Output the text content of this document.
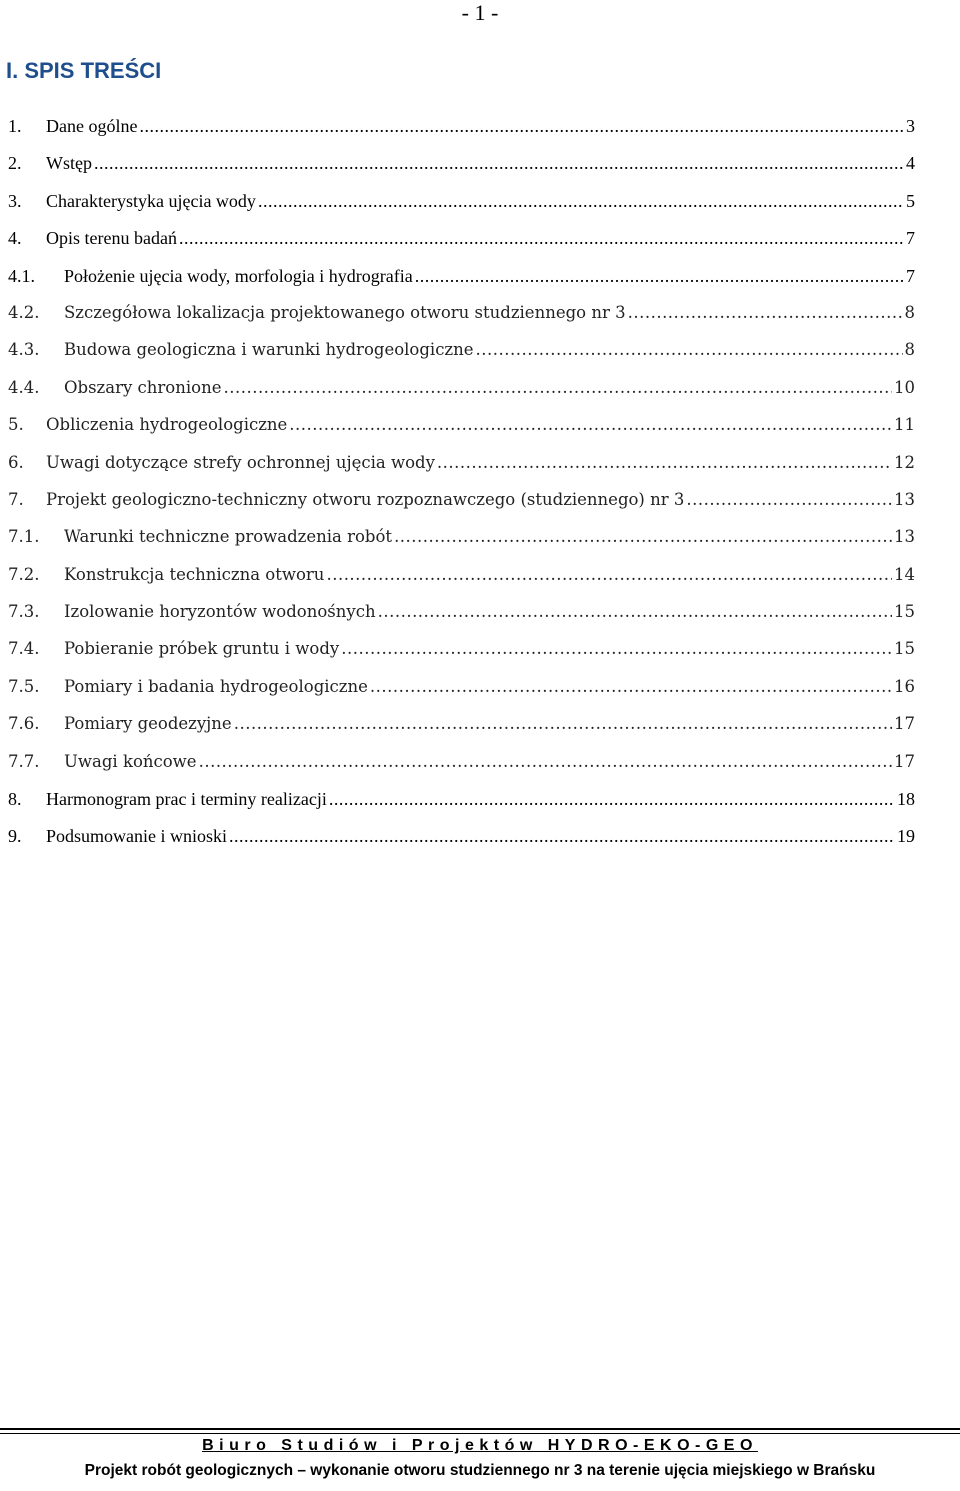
- 1 -
I. SPIS TREŚCI
1.	Dane ogólne .....	3
2.	Wstęp .....	4
3.	Charakterystyka ujęcia wody .....	5
4.	Opis terenu badań .....	7
4.1.	Położenie ujęcia wody, morfologia i hydrografia .....	7
4.2.	Szczegółowa lokalizacja projektowanego otworu studziennego nr 3 .....	8
4.3.	Budowa geologiczna i warunki hydrogeologiczne .....	8
4.4.	Obszary chronione .....	10
5.	Obliczenia hydrogeologiczne .....	11
6.	Uwagi dotyczące strefy ochronnej ujęcia wody .....	12
7.	Projekt geologiczno-techniczny otworu rozpoznawczego (studziennego) nr 3 .....	13
7.1.	Warunki techniczne prowadzenia robót .....	13
7.2.	Konstrukcja techniczna otworu .....	14
7.3.	Izolowanie horyzontów wodonośnych .....	15
7.4.	Pobieranie próbek gruntu i wody .....	15
7.5.	Pomiary i badania hydrogeologiczne .....	16
7.6.	Pomiary geodezyjne .....	17
7.7.	Uwagi końcowe .....	17
8.	Harmonogram prac i terminy realizacji .....	18
9.	Podsumowanie i wnioski .....	19
Biuro Studiów i Projektów HYDRO-EKO-GEO
Projekt robót geologicznych – wykonanie otworu studziennego nr 3 na terenie ujęcia miejskiego w Brańsku
